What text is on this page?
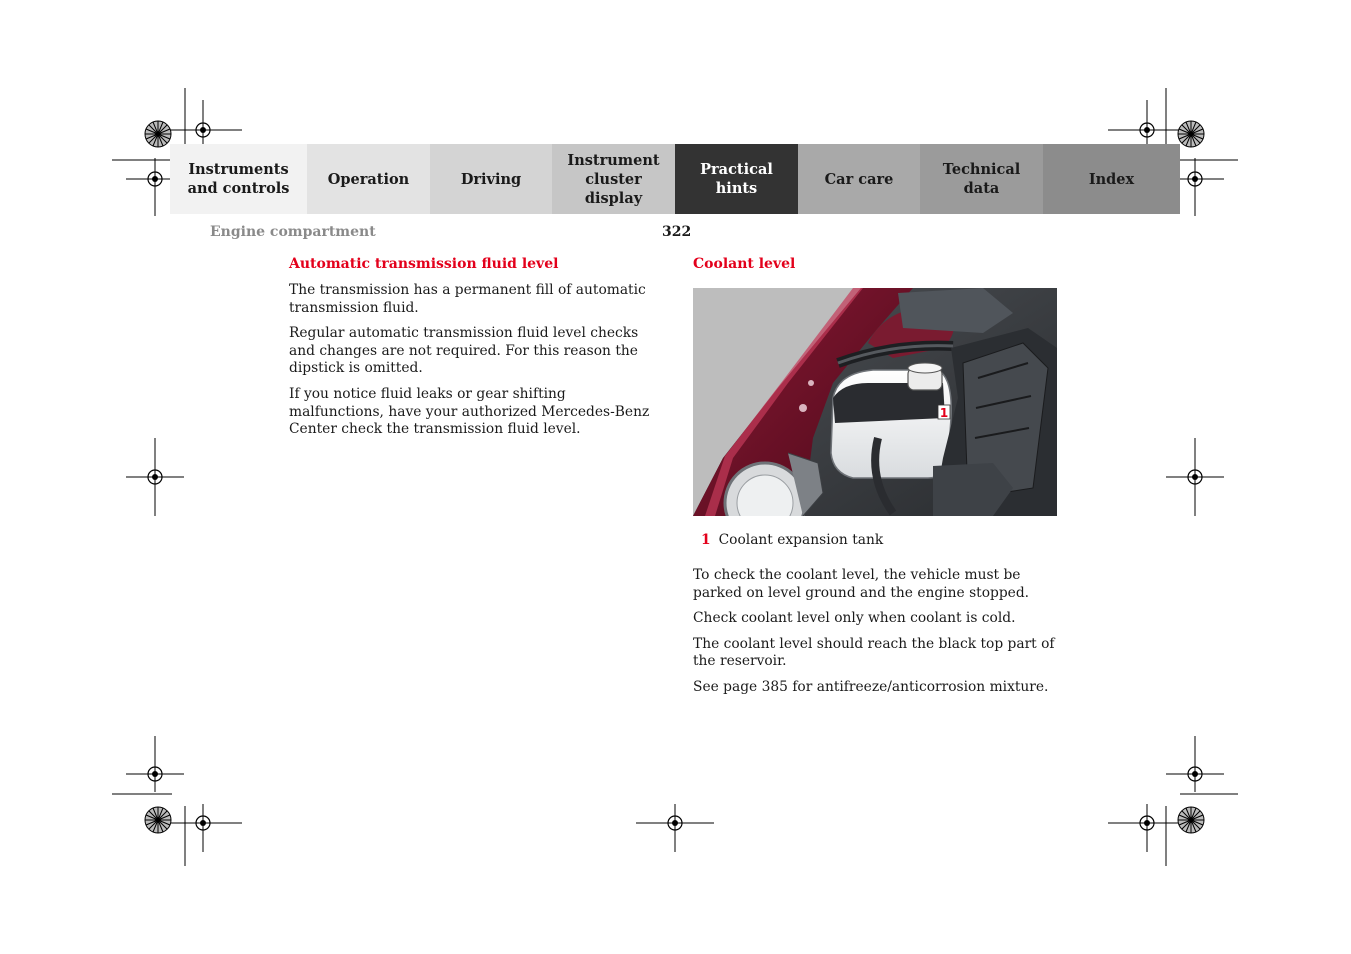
Instruments
and controls
Operation	Driving
Instrument
cluster display
Practical hints
Car care
Technical
data
Index
Engine compartment	322
Automatic transmission fluid level

The transmission has a permanent fill of automatic transmission fluid.

Regular automatic transmission fluid level checks and changes are not required. For this reason the dipstick is omitted.

If you notice fluid leaks or gear shifting malfunctions, have your authorized Mercedes-Benz Center check the transmission fluid level.

Coolant level
1
1 Coolant expansion tank

To check the coolant level, the vehicle must be parked on level ground and the engine stopped.

Check coolant level only when coolant is cold.

The coolant level should reach the black top part of the reservoir.

See page 385 for antifreeze/anticorrosion mixture.
